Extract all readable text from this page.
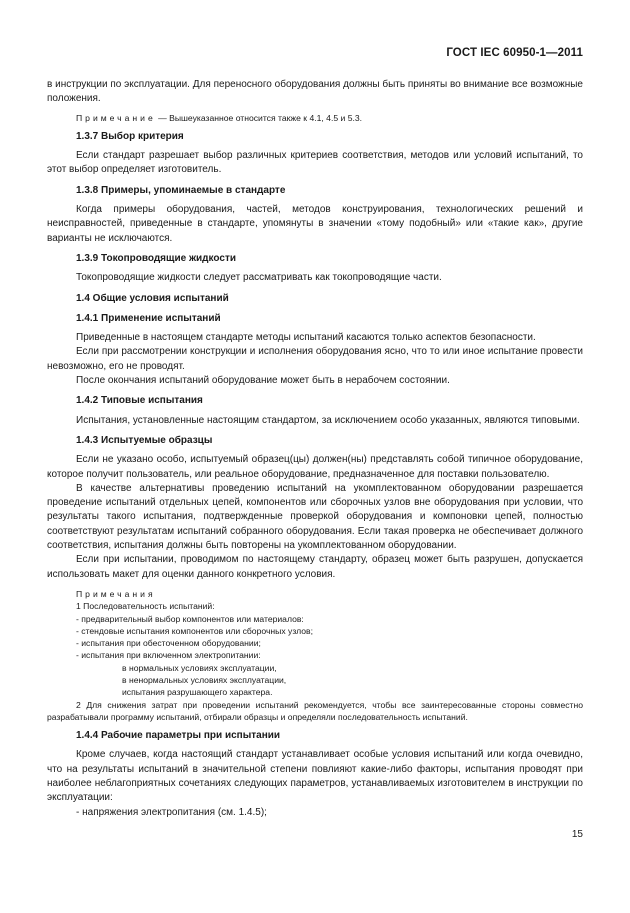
ГОСТ IEC 60950-1—2011

в инструкции по эксплуатации. Для переносного оборудования должны быть приняты во внимание все возможные положения.

Примечание — Вышеуказанное относится также к 4.1, 4.5 и 5.3.
1.3.7 Выбор критерия

Если стандарт разрешает выбор различных критериев соответствия, методов или условий испытаний, то этот выбор определяет изготовитель.

1.3.8 Примеры, упоминаемые в стандарте

Когда примеры оборудования, частей, методов конструирования, технологических решений и неисправностей, приведенные в стандарте, упомянуты в значении «тому подобный» или «такие как», другие варианты не исключаются.

1.3.9 Токопроводящие жидкости

Токопроводящие жидкости следует рассматривать как токопроводящие части.

1.4 Общие условия испытаний
1.4.1 Применение испытаний

Приведенные в настоящем стандарте методы испытаний касаются только аспектов безопасности.

Если при рассмотрении конструкции и исполнения оборудования ясно, что то или иное испытание провести невозможно, его не проводят.

После окончания испытаний оборудование может быть в нерабочем состоянии.

1.4.2 Типовые испытания

Испытания, установленные настоящим стандартом, за исключением особо указанных, являются типовыми.

1.4.3 Испытуемые образцы

Если не указано особо, испытуемый образец(цы) должен(ны) представлять собой типичное оборудование, которое получит пользователь, или реальное оборудование, предназначенное для поставки пользователю.

В качестве альтернативы проведению испытаний на укомплектованном оборудовании разрешается проведение испытаний отдельных цепей, компонентов или сборочных узлов вне оборудования при условии, что результаты такого испытания, подтвержденные проверкой оборудования и компоновки цепей, полностью соответствуют результатам испытаний собранного оборудования. Если такая проверка не обеспечивает должного соответствия, испытания должны быть повторены на укомплектованном оборудовании.

Если при испытании, проводимом по настоящему стандарту, образец может быть разрушен, допускается использовать макет для оценки данного конкретного условия.

Примечания
1 Последовательность испытаний:
- предварительный выбор компонентов или материалов:
- стендовые испытания компонентов или сборочных узлов;
- испытания при обесточенном оборудовании;
- испытания при включенном электропитании:
в нормальных условиях эксплуатации,
в ненормальных условиях эксплуатации,
испытания разрушающего характера.
2 Для снижения затрат при проведении испытаний рекомендуется, чтобы все заинтересованные стороны совместно разрабатывали программу испытаний, отбирали образцы и определяли последовательность испытаний.
1.4.4 Рабочие параметры при испытании

Кроме случаев, когда настоящий стандарт устанавливает особые условия испытаний или когда очевидно, что на результаты испытаний в значительной степени повлияют какие-либо факторы, испытания проводят при наиболее неблагоприятных сочетаниях следующих параметров, устанавливаемых изготовителем в инструкции по эксплуатации:

- напряжения электропитания (см. 1.4.5);

15
